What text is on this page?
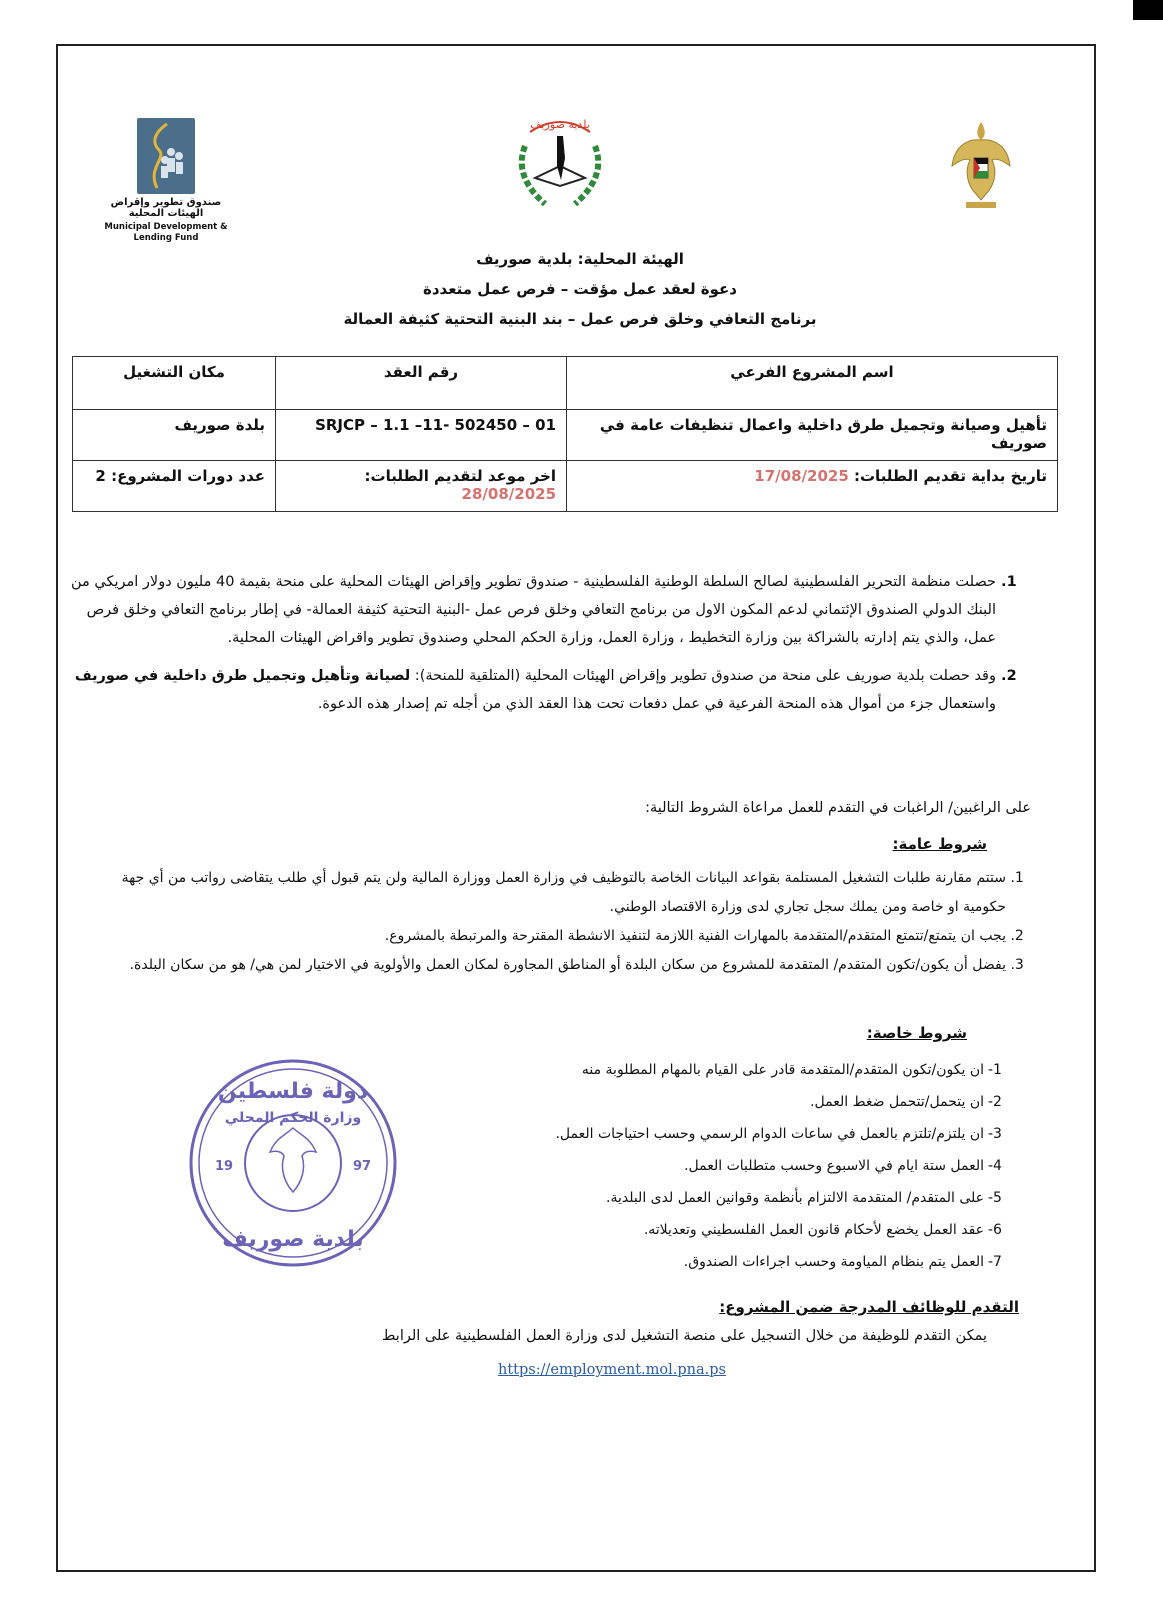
صندوق تطوير وإقراض الهيئات المحلية
Municipal Development & Lending Fund
بلدية صوريف
الهيئة المحلية: بلدية صوريف
دعوة لعقد عمل مؤقت – فرص عمل متعددة
برنامج التعافي وخلق فرص عمل – بند البنية التحتية كثيفة العمالة
اسم المشروع الفرعي	رقم العقد	مكان التشغيل
تأهيل وصيانة وتجميل طرق داخلية واعمال تنظيفات عامة في صوريف	SRJCP – 1.1 –11- 502450 – 01	بلدة صوريف
تاريخ بداية تقديم الطلبات: 17/08/2025	اخر موعد لتقديم الطلبات: 28/08/2025	عدد دورات المشروع: 2
1. حصلت منظمة التحرير الفلسطينية لصالح السلطة الوطنية الفلسطينية - صندوق تطوير وإقراض الهيئات المحلية على منحة بقيمة 40 مليون دولار امريكي من البنك الدولي الصندوق الإئتماني لدعم المكون الاول من برنامج التعافي وخلق فرص عمل -البنية التحتية كثيفة العمالة- في إطار برنامج التعافي وخلق فرص عمل، والذي يتم إدارته بالشراكة بين وزارة التخطيط ، وزارة العمل، وزارة الحكم المحلي وصندوق تطوير واقراض الهيئات المحلية.
2. وقد حصلت بلدية صوريف على منحة من صندوق تطوير وإقراض الهيئات المحلية (المتلقية للمنحة): لصيانة وتأهيل وتجميل طرق داخلية في صوريف واستعمال جزء من أموال هذه المنحة الفرعية في عمل دفعات تحت هذا العقد الذي من أجله تم إصدار هذه الدعوة.
على الراغبين/ الراغبات في التقدم للعمل مراعاة الشروط التالية:
شروط عامة:
1. ستتم مقارنة طلبات التشغيل المستلمة بقواعد البيانات الخاصة بالتوظيف في وزارة العمل ووزارة المالية ولن يتم قبول أي طلب يتقاضى رواتب من أي جهة حكومية او خاصة ومن يملك سجل تجاري لدى وزارة الاقتصاد الوطني.
2. يجب ان يتمتع/تتمتع المتقدم/المتقدمة بالمهارات الفنية اللازمة لتنفيذ الانشطة المقترحة والمرتبطة بالمشروع.
3. يفضل أن يكون/تكون المتقدم/ المتقدمة للمشروع من سكان البلدة أو المناطق المجاورة لمكان العمل والأولوية في الاختيار لمن هي/ هو من سكان البلدة.
شروط خاصة:
-1
ان يكون/تكون المتقدم/المتقدمة قادر على القيام بالمهام المطلوبة منه
-2
ان يتحمل/تتحمل ضغط العمل.
-3
ان يلتزم/تلتزم بالعمل في ساعات الدوام الرسمي وحسب احتياجات العمل.
-4
العمل ستة ايام في الاسبوع وحسب متطلبات العمل.
-5
على المتقدم/ المتقدمة الالتزام بأنظمة وقوانين العمل لدى البلدية.
-6
عقد العمل يخضع لأحكام قانون العمل الفلسطيني وتعديلاته.
-7
العمل يتم بنظام المياومة وحسب اجراءات الصندوق.
دولة فلسطين
وزارة الحكم المحلي
19	97
بلدية صوريف
التقدم للوظائف المدرجة ضمن المشروع:
يمكن التقدم للوظيفة من خلال التسجيل على منصة التشغيل لدى وزارة العمل الفلسطينية على الرابط
https://employment.mol.pna.ps
